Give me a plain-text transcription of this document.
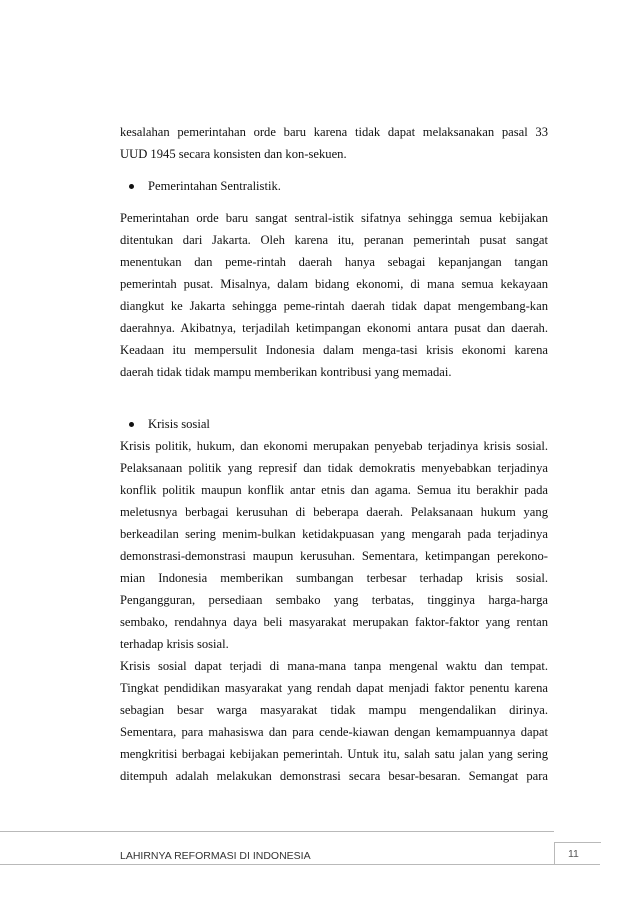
kesalahan pemerintahan orde baru karena tidak dapat melaksanakan pasal 33
UUD 1945 secara konsisten dan kon-sekuen.
Pemerintahan Sentralistik.
Pemerintahan orde baru sangat sentral-istik sifatnya sehingga semua kebijakan
ditentukan dari Jakarta. Oleh karena itu, peranan pemerintah pusat sangat
menentukan dan peme-rintah daerah hanya sebagai kepanjangan tangan
pemerintah pusat. Misalnya, dalam bidang ekonomi, di mana semua kekayaan
diangkut ke Jakarta sehingga peme-rintah daerah tidak dapat mengembang-kan
daerahnya. Akibatnya, terjadilah ketimpangan ekonomi antara pusat dan daerah.
Keadaan itu mempersulit Indonesia dalam menga-tasi krisis ekonomi karena
daerah tidak tidak mampu memberikan kontribusi yang memadai.
Krisis sosial
Krisis politik, hukum, dan ekonomi merupakan penyebab terjadinya krisis sosial.
Pelaksanaan politik yang represif dan tidak demokratis menyebabkan terjadinya
konflik politik maupun konflik antar etnis dan agama. Semua itu berakhir pada
meletusnya berbagai kerusuhan di beberapa daerah. Pelaksanaan hukum yang
berkeadilan sering menim-bulkan ketidakpuasan yang mengarah pada terjadinya
demonstrasi-demonstrasi maupun kerusuhan. Sementara, ketimpangan perekono-
mian Indonesia memberikan sumbangan terbesar terhadap krisis sosial.
Pengangguran, persediaan sembako yang terbatas, tingginya harga-harga
sembako, rendahnya daya beli masyarakat merupakan faktor-faktor yang rentan
terhadap krisis sosial.
Krisis sosial dapat terjadi di mana-mana tanpa mengenal waktu dan tempat.
Tingkat pendidikan masyarakat yang rendah dapat menjadi faktor penentu karena
sebagian besar warga masyarakat tidak mampu mengendalikan dirinya.
Sementara, para mahasiswa dan para cende-kiawan dengan kemampuannya dapat
mengkritisi berbagai kebijakan pemerintah. Untuk itu, salah satu jalan yang sering
ditempuh adalah melakukan demonstrasi secara besar-besaran. Semangat para
LAHIRNYA REFORMASI DI INDONESIA	11
